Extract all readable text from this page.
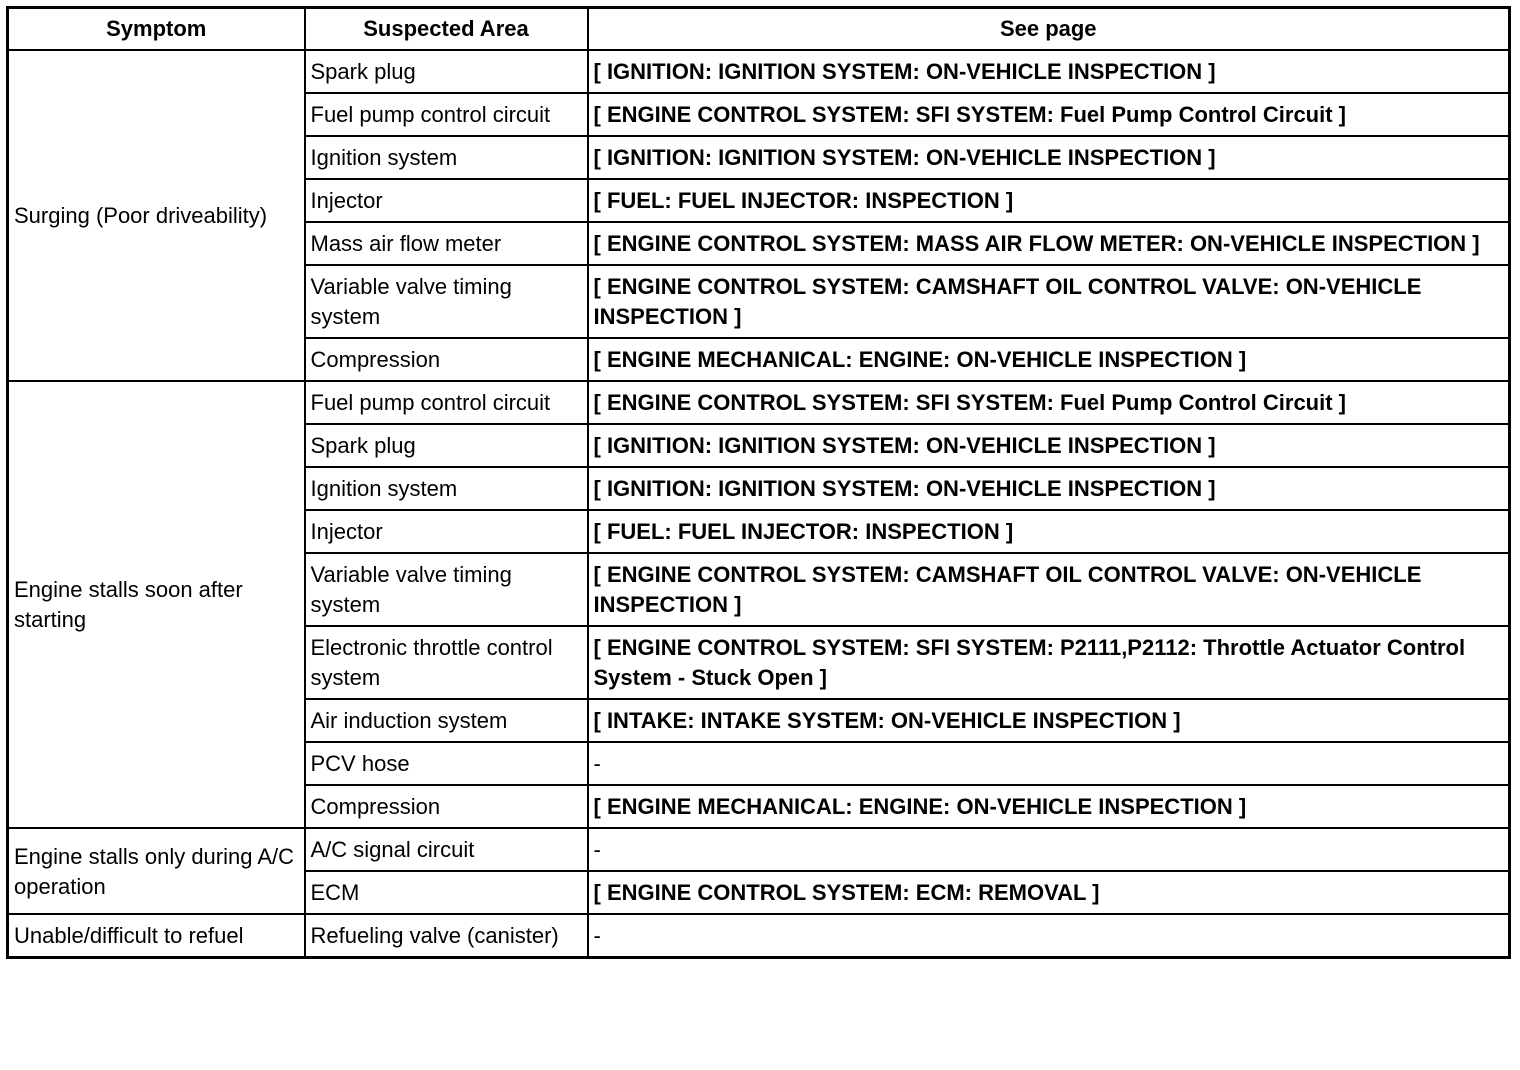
Symptom	Suspected Area	See page
Surging (Poor driveability)	Spark plug	[ IGNITION: IGNITION SYSTEM: ON-VEHICLE INSPECTION ]
	Fuel pump control circuit	[ ENGINE CONTROL SYSTEM: SFI SYSTEM: Fuel Pump Control Circuit ]
	Ignition system	[ IGNITION: IGNITION SYSTEM: ON-VEHICLE INSPECTION ]
	Injector	[ FUEL: FUEL INJECTOR: INSPECTION ]
	Mass air flow meter	[ ENGINE CONTROL SYSTEM: MASS AIR FLOW METER: ON-VEHICLE INSPECTION ]
	Variable valve timing system	[ ENGINE CONTROL SYSTEM: CAMSHAFT OIL CONTROL VALVE: ON-VEHICLE INSPECTION ]
	Compression	[ ENGINE MECHANICAL: ENGINE: ON-VEHICLE INSPECTION ]
Engine stalls soon after starting	Fuel pump control circuit	[ ENGINE CONTROL SYSTEM: SFI SYSTEM: Fuel Pump Control Circuit ]
	Spark plug	[ IGNITION: IGNITION SYSTEM: ON-VEHICLE INSPECTION ]
	Ignition system	[ IGNITION: IGNITION SYSTEM: ON-VEHICLE INSPECTION ]
	Injector	[ FUEL: FUEL INJECTOR: INSPECTION ]
	Variable valve timing system	[ ENGINE CONTROL SYSTEM: CAMSHAFT OIL CONTROL VALVE: ON-VEHICLE INSPECTION ]
	Electronic throttle control system	[ ENGINE CONTROL SYSTEM: SFI SYSTEM: P2111,P2112: Throttle Actuator Control System - Stuck Open ]
	Air induction system	[ INTAKE: INTAKE SYSTEM: ON-VEHICLE INSPECTION ]
	PCV hose	-
	Compression	[ ENGINE MECHANICAL: ENGINE: ON-VEHICLE INSPECTION ]
Engine stalls only during A/C operation	A/C signal circuit	-
	ECM	[ ENGINE CONTROL SYSTEM: ECM: REMOVAL ]
Unable/difficult to refuel	Refueling valve (canister)	-
